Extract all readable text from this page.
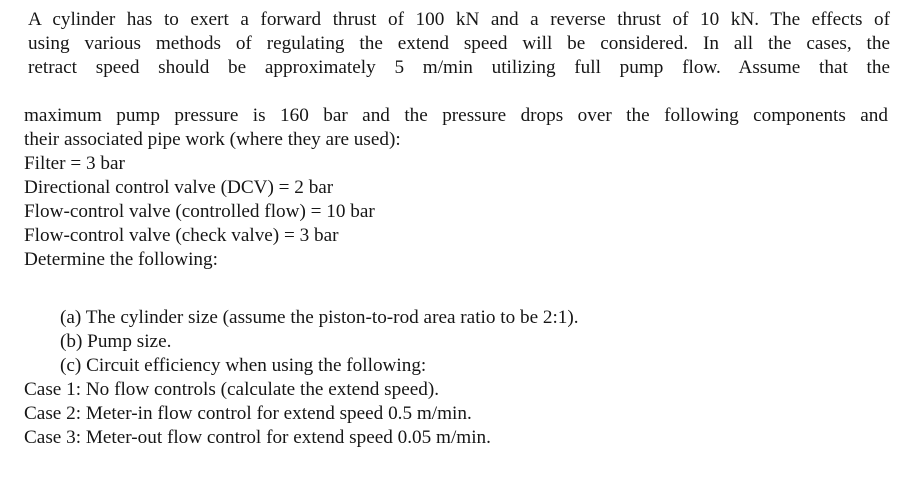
A cylinder has to exert a forward thrust of 100 kN and a reverse thrust of 10 kN. The effects of
using various methods of regulating the extend speed will be considered. In all the cases, the
retract speed should be approximately 5 m/min utilizing full pump flow. Assume that the
maximum pump pressure is 160 bar and the pressure drops over the following components and
their associated pipe work (where they are used):
Filter = 3 bar
Directional control valve (DCV) = 2 bar
Flow-control valve (controlled flow) = 10 bar
Flow-control valve (check valve) = 3 bar
Determine the following:
(a) The cylinder size (assume the piston-to-rod area ratio to be 2:1).
(b) Pump size.
(c) Circuit efficiency when using the following:
Case 1: No flow controls (calculate the extend speed).
Case 2: Meter-in flow control for extend speed 0.5 m/min.
Case 3: Meter-out flow control for extend speed 0.05 m/min.
